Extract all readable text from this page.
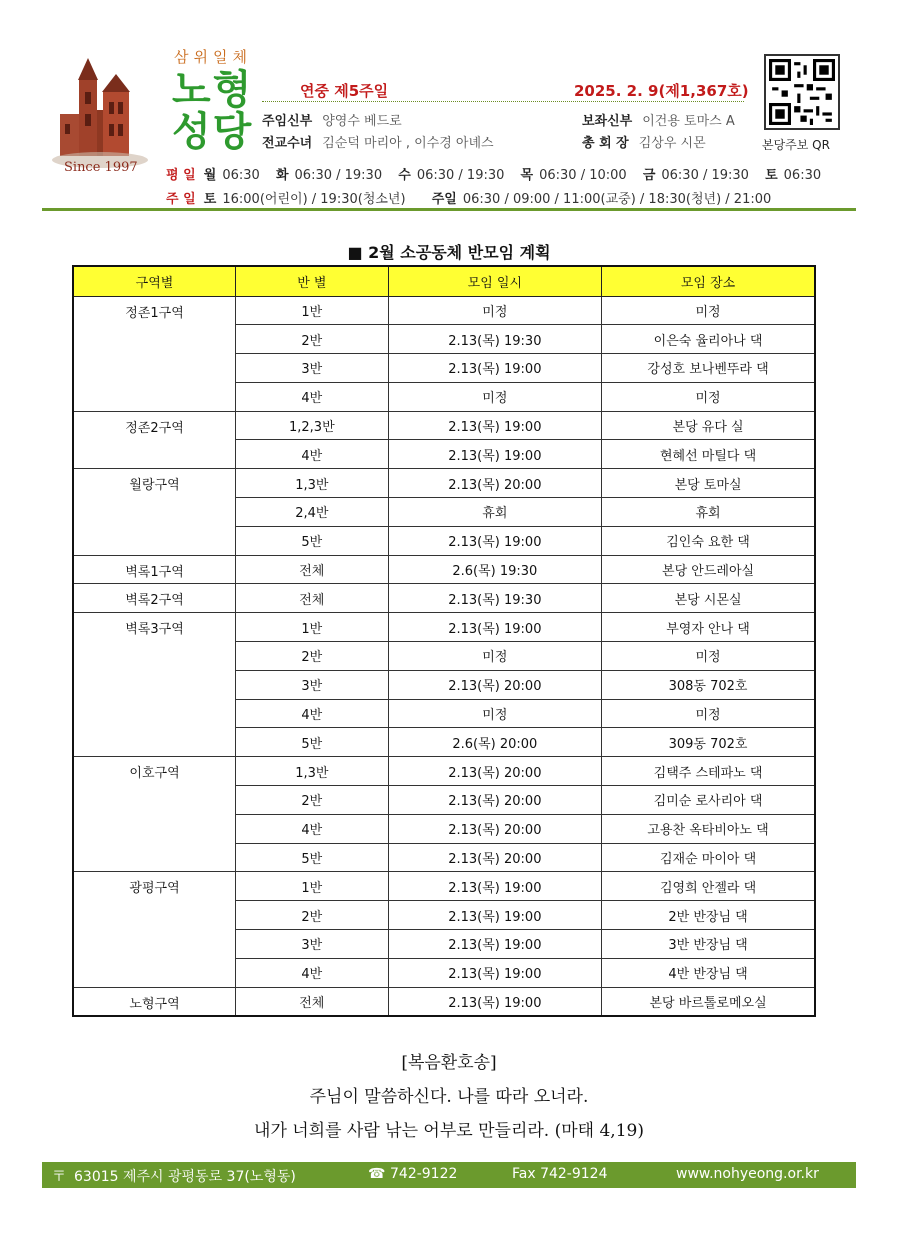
Since 1997
삼위일체
노형
성당
연중 제5주일	2025. 2. 9(제1,367호)
주임신부 양영수 베드로	보좌신부 이건용 토마스 A
전교수녀 김순덕 마리아 , 이수경 아녜스	총 회 장 김상우 시몬	본당주보 QR
평 일 월 06:30 화 06:30 / 19:30 수 06:30 / 19:30 목 06:30 / 10:00 금 06:30 / 19:30 토 06:30
주 일 토 16:00(어린이) / 19:30(청소년) 주일 06:30 / 09:00 / 11:00(교중) / 18:30(청년) / 21:00
■ 2월 소공동체 반모임 계획
구역별	반 별	모임 일시	모임 장소
정존1구역	1반	미정	미정
	2반	2.13(목) 19:30	이은숙 율리아나 댁
	3반	2.13(목) 19:00	강성호 보나벤뚜라 댁
	4반	미정	미정
정존2구역	1,2,3반	2.13(목) 19:00	본당 유다 실
	4반	2.13(목) 19:00	현혜선 마틸다 댁
월랑구역	1,3반	2.13(목) 20:00	본당 토마실
	2,4반	휴회	휴회
	5반	2.13(목) 19:00	김인숙 요한 댁
벽록1구역	전체	2.6(목) 19:30	본당 안드레아실
벽록2구역	전체	2.13(목) 19:30	본당 시몬실
벽록3구역	1반	2.13(목) 19:00	부영자 안나 댁
	2반	미정	미정
	3반	2.13(목) 20:00	308동 702호
	4반	미정	미정
	5반	2.6(목) 20:00	309동 702호
이호구역	1,3반	2.13(목) 20:00	김택주 스테파노 댁
	2반	2.13(목) 20:00	김미순 로사리아 댁
	4반	2.13(목) 20:00	고용찬 옥타비아노 댁
	5반	2.13(목) 20:00	김재순 마이아 댁
광평구역	1반	2.13(목) 19:00	김영희 안젤라 댁
	2반	2.13(목) 19:00	2반 반장님 댁
	3반	2.13(목) 19:00	3반 반장님 댁
	4반	2.13(목) 19:00	4반 반장님 댁
노형구역	전체	2.13(목) 19:00	본당 바르톨로메오실
[복음환호송]
주님이 말씀하신다. 나를 따라 오너라.
내가 너희를 사람 낚는 어부로 만들리라. (마태 4,19)
〒 63015 제주시 광평동로 37(노형동)	☎ 742-9122	Fax 742-9124	www.nohyeong.or.kr
